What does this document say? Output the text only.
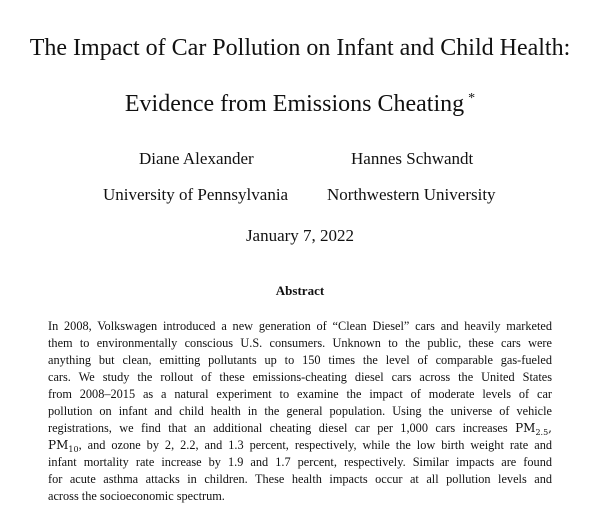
The Impact of Car Pollution on Infant and Child Health:
Evidence from Emissions Cheating *
Diane Alexander	Hannes Schwandt
University of Pennsylvania Northwestern University
January 7, 2022
Abstract
In 2008, Volkswagen introduced a new generation of “Clean Diesel” cars and heavily marketed
them to environmentally conscious U.S. consumers. Unknown to the public, these cars were
anything but clean, emitting pollutants up to 150 times the level of comparable gas-fueled
cars. We study the rollout of these emissions-cheating diesel cars across the United States
from 2008–2015 as a natural experiment to examine the impact of moderate levels of car
pollution on infant and child health in the general population. Using the universe of vehicle
registrations, we find that an additional cheating diesel car per 1,000 cars increases $PM_{2.5}$,
$PM_{10}$, and ozone by 2, 2.2, and 1.3 percent, respectively, while the low birth weight rate and
infant mortality rate increase by 1.9 and 1.7 percent, respectively. Similar impacts are found
for acute asthma attacks in children. These health impacts occur at all pollution levels and
across the socioeconomic spectrum.
